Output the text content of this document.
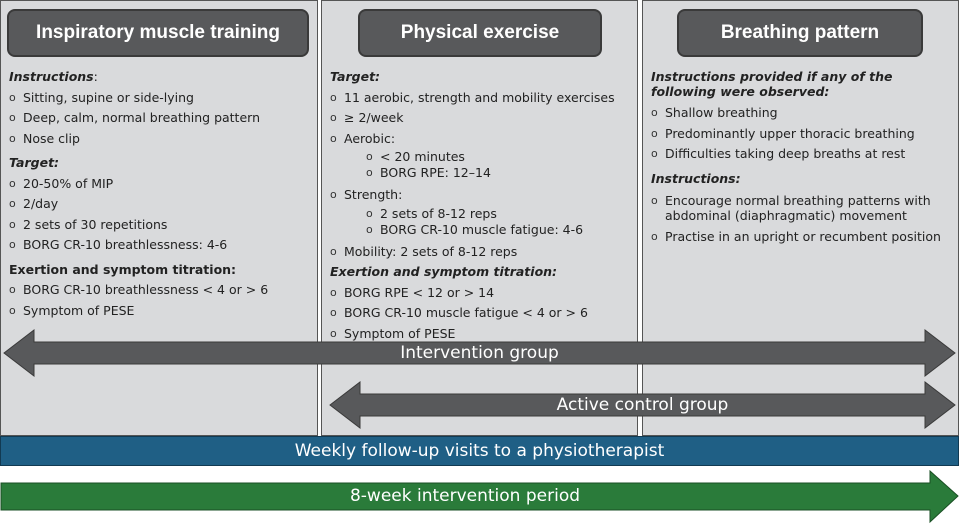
Inspiratory muscle training
Instructions:
o Sitting, supine or side-lying
o Deep, calm, normal breathing pattern
o Nose clip
Target:
o 20-50% of MIP
o 2/day
o 2 sets of 30 repetitions
o BORG CR-10 breathlessness: 4-6
Exertion and symptom titration:
o BORG CR-10 breathlessness < 4 or > 6
o Symptom of PESE
Physical exercise
Target:
o 11 aerobic, strength and mobility exercises
o ≥ 2/week
o Aerobic:
o < 20 minutes
o BORG RPE: 12–14
o Strength:
o 2 sets of 8-12 reps
o BORG CR-10 muscle fatigue: 4-6
o Mobility: 2 sets of 8-12 reps
Exertion and symptom titration:
o BORG RPE < 12 or > 14
o BORG CR-10 muscle fatigue < 4 or > 6
o Symptom of PESE
Breathing pattern
Instructions provided if any of the following were observed:
o Shallow breathing
o Predominantly upper thoracic breathing
o Difficulties taking deep breaths at rest
Instructions:
o Encourage normal breathing patterns with abdominal (diaphragmatic) movement
o Practise in an upright or recumbent position
Intervention group
Active control group
Weekly follow-up visits to a physiotherapist
8-week intervention period
